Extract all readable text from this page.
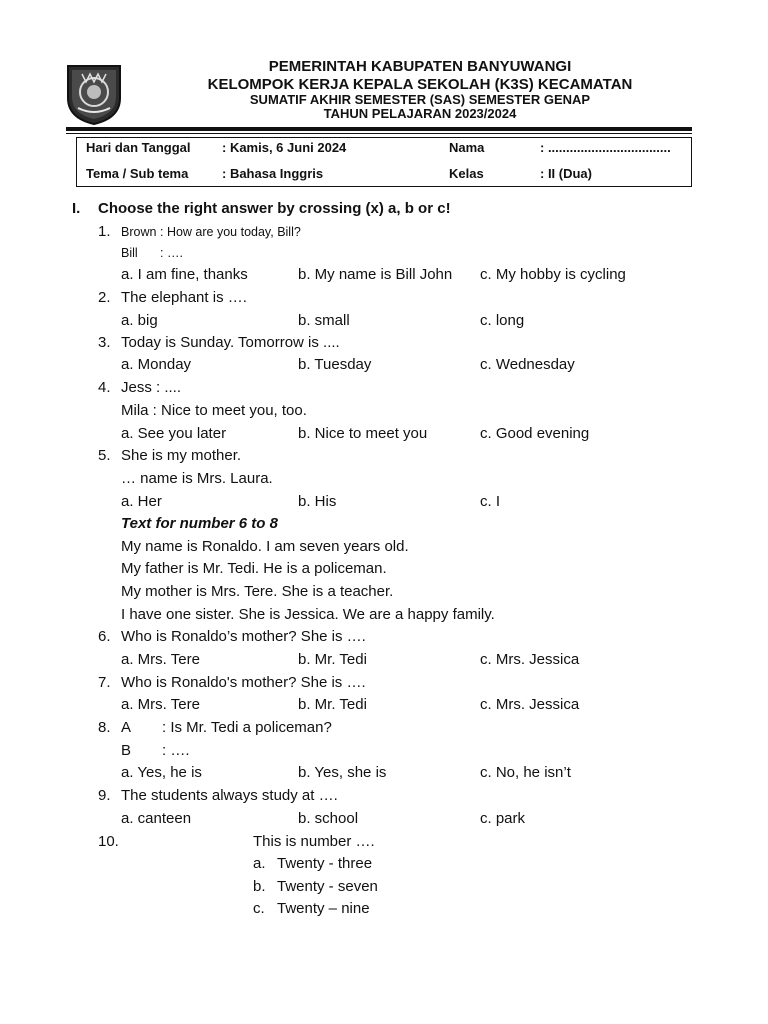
PEMERINTAH KABUPATEN BANYUWANGI
KELOMPOK KERJA KEPALA SEKOLAH (K3S) KECAMATAN
SUMATIF AKHIR SEMESTER (SAS) SEMESTER GENAP
TAHUN PELAJARAN 2023/2024
Hari dan Tanggal : Kamis, 6 Juni 2024	Nama	: ..................................
Tema / Sub tema	: Bahasa Inggris	Kelas	: II (Dua)
I. Choose the right answer by crossing (x) a, b or c!
1. Brown : How are you today, Bill?
Bill : ….
a. I am fine, thanks	b. My name is Bill John c. My hobby is cycling
2. The elephant is ….
a. big	b. small	c. long
3. Today is Sunday. Tomorrow is ....
a. Monday	b. Tuesday	c. Wednesday
4. Jess : ....
Mila : Nice to meet you, too.
a. See you later	b. Nice to meet you	c. Good evening
5. She is my mother.
… name is Mrs. Laura.
a. Her	b. His	c. I
Text for number 6 to 8
My name is Ronaldo. I am seven years old.
My father is Mr. Tedi. He is a policeman.
My mother is Mrs. Tere. She is a teacher.
I have one sister. She is Jessica. We are a happy family.
6. Who is Ronaldo’s mother? She is ….
a. Mrs. Tere	b. Mr. Tedi	c. Mrs. Jessica
7. Who is Ronaldo's mother? She is ….
a. Mrs. Tere	b. Mr. Tedi	c. Mrs. Jessica
8. A : Is Mr. Tedi a policeman?
B : ….
a. Yes, he is	b. Yes, she is	c. No, he isn’t
9. The students always study at ….
a. canteen	b. school	c. park
10.	This is number ….
a. Twenty - three
b. Twenty - seven
c. Twenty – nine
